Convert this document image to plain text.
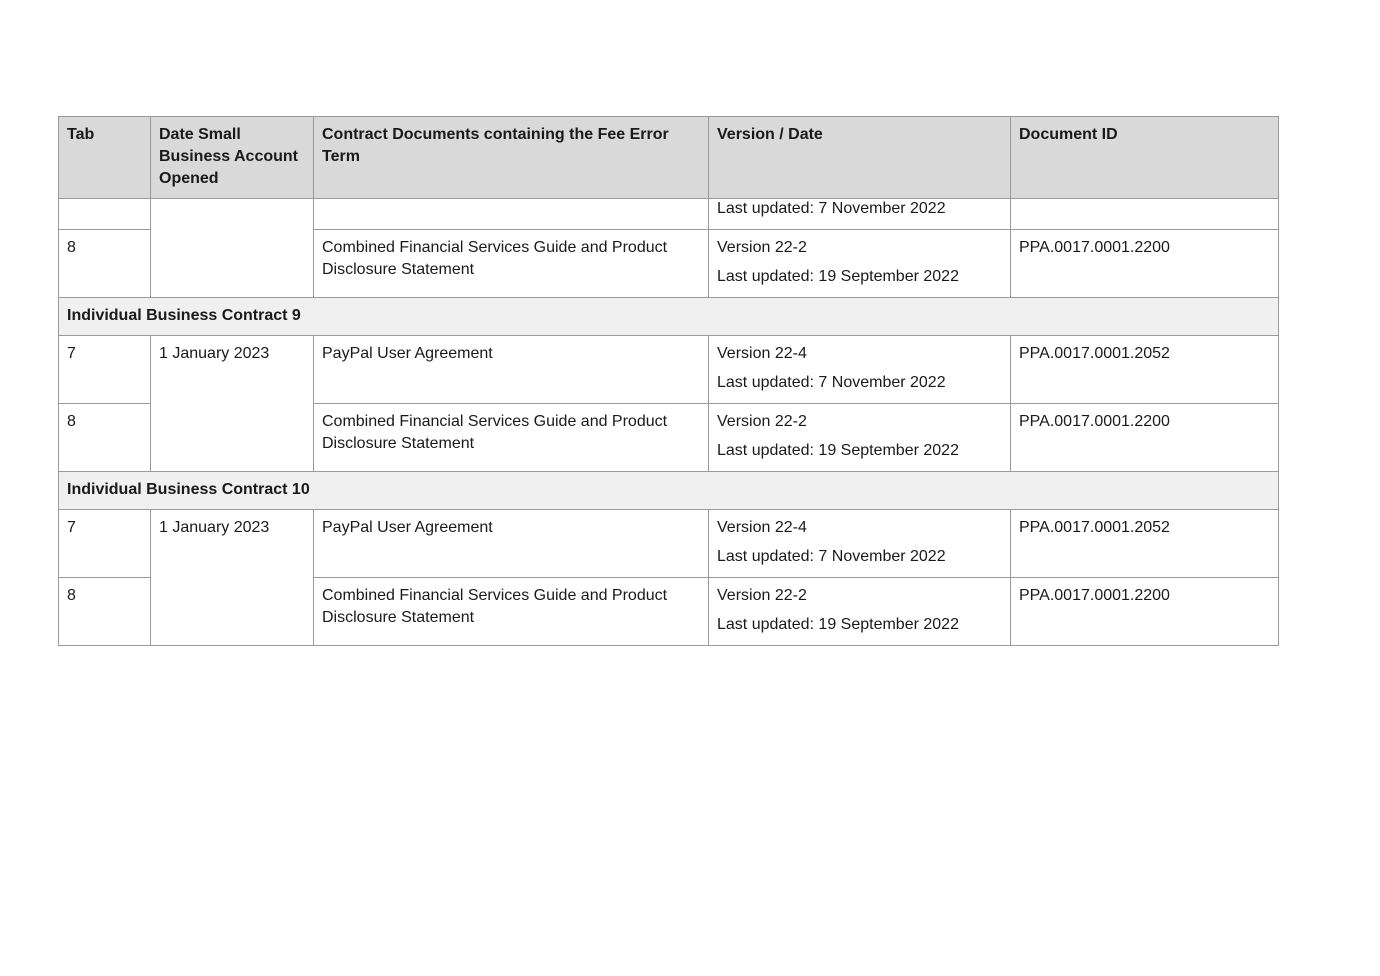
Tab	Date Small Business Account Opened	Contract Documents containing the Fee Error Term	Version / Date	Document ID

			Last updated: 7 November 2022	

8		Combined Financial Services Guide and Product Disclosure Statement	Version 22-2
Last updated: 19 September 2022	PPA.0017.0001.2200
Individual Business Contract 9				
7	1 January 2023	PayPal User Agreement	Version 22-4
Last updated: 7 November 2022	PPA.0017.0001.2052
8		Combined Financial Services Guide and Product Disclosure Statement	Version 22-2
Last updated: 19 September 2022	PPA.0017.0001.2200
Individual Business Contract 10				
7	1 January 2023	PayPal User Agreement	Version 22-4
Last updated: 7 November 2022	PPA.0017.0001.2052
8		Combined Financial Services Guide and Product Disclosure Statement	Version 22-2
Last updated: 19 September 2022	PPA.0017.0001.2200
